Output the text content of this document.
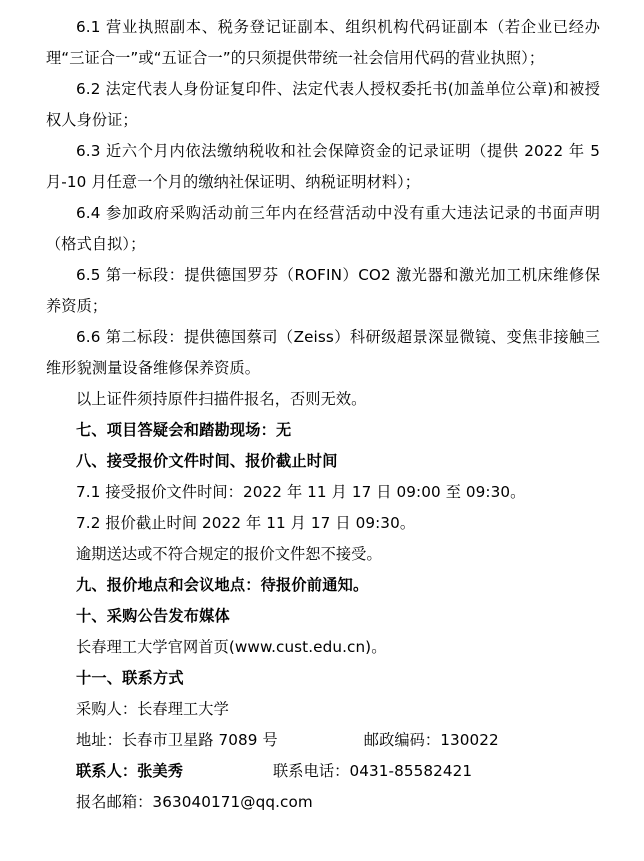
6.1 营业执照副本、税务登记证副本、组织机构代码证副本（若企业已经办理“三证合一”或“五证合一”的只须提供带统一社会信用代码的营业执照）；

6.2 法定代表人身份证复印件、法定代表人授权委托书(加盖单位公章)和被授权人身份证；

6.3 近六个月内依法缴纳税收和社会保障资金的记录证明（提供 2022 年 5 月-10 月任意一个月的缴纳社保证明、纳税证明材料）；

6.4 参加政府采购活动前三年内在经营活动中没有重大违法记录的书面声明（格式自拟）；

6.5 第一标段：提供德国罗芬（ROFIN）CO2 激光器和激光加工机床维修保养资质；

6.6 第二标段：提供德国蔡司（Zeiss）科研级超景深显微镜、变焦非接触三维形貌测量设备维修保养资质。

以上证件须持原件扫描件报名，否则无效。

七、项目答疑会和踏勘现场：无

八、接受报价文件时间、报价截止时间

7.1 接受报价文件时间：2022 年 11 月 17 日 09:00 至 09:30。

7.2 报价截止时间 2022 年 11 月 17 日 09:30。

逾期送达或不符合规定的报价文件恕不接受。

九、报价地点和会议地点：待报价前通知。

十、采购公告发布媒体

长春理工大学官网首页(www.cust.edu.cn)。

十一、联系方式

采购人：长春理工大学

地址：长春市卫星路 7089 号	邮政编码：130022

联系人：张美秀	联系电话：0431-85582421

报名邮箱：363040171@qq.com
